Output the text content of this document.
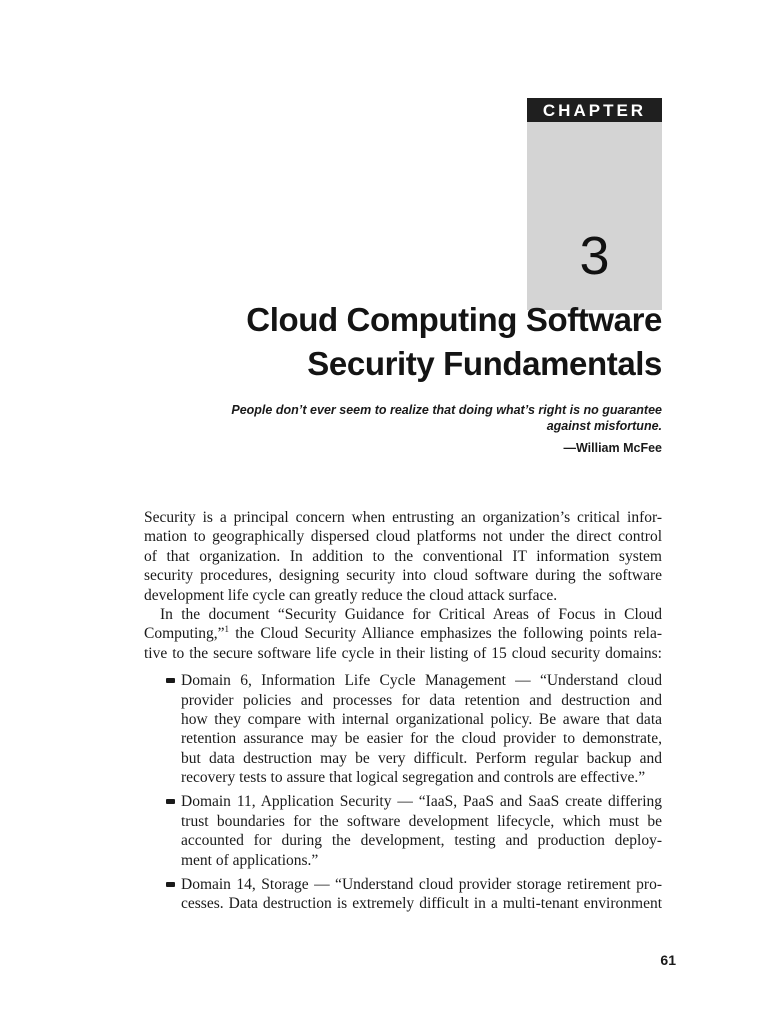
CHAPTER
3
Cloud Computing Software
Security Fundamentals
People don’t ever seem to realize that doing what’s right is no guarantee
against misfortune.
—William McFee

Security is a principal concern when entrusting an organization’s critical infor-
mation to geographically dispersed cloud platforms not under the direct control
of that organization. In addition to the conventional IT information system
security procedures, designing security into cloud software during the software
development life cycle can greatly reduce the cloud attack surface.

In the document “Security Guidance for Critical Areas of Focus in Cloud
Computing,”$^1$ the Cloud Security Alliance emphasizes the following points rela-
tive to the secure software life cycle in their listing of 15 cloud security domains:

Domain 6, Information Life Cycle Management — “Understand cloud
provider policies and processes for data retention and destruction and
how they compare with internal organizational policy. Be aware that data
retention assurance may be easier for the cloud provider to demonstrate,
but data destruction may be very difficult. Perform regular backup and
recovery tests to assure that logical segregation and controls are effective.”
Domain 11, Application Security — “IaaS, PaaS and SaaS create differing
trust boundaries for the software development lifecycle, which must be
accounted for during the development, testing and production deploy-
ment of applications.”
Domain 14, Storage — “Understand cloud provider storage retirement pro-
cesses. Data destruction is extremely difficult in a multi-tenant environment
61
